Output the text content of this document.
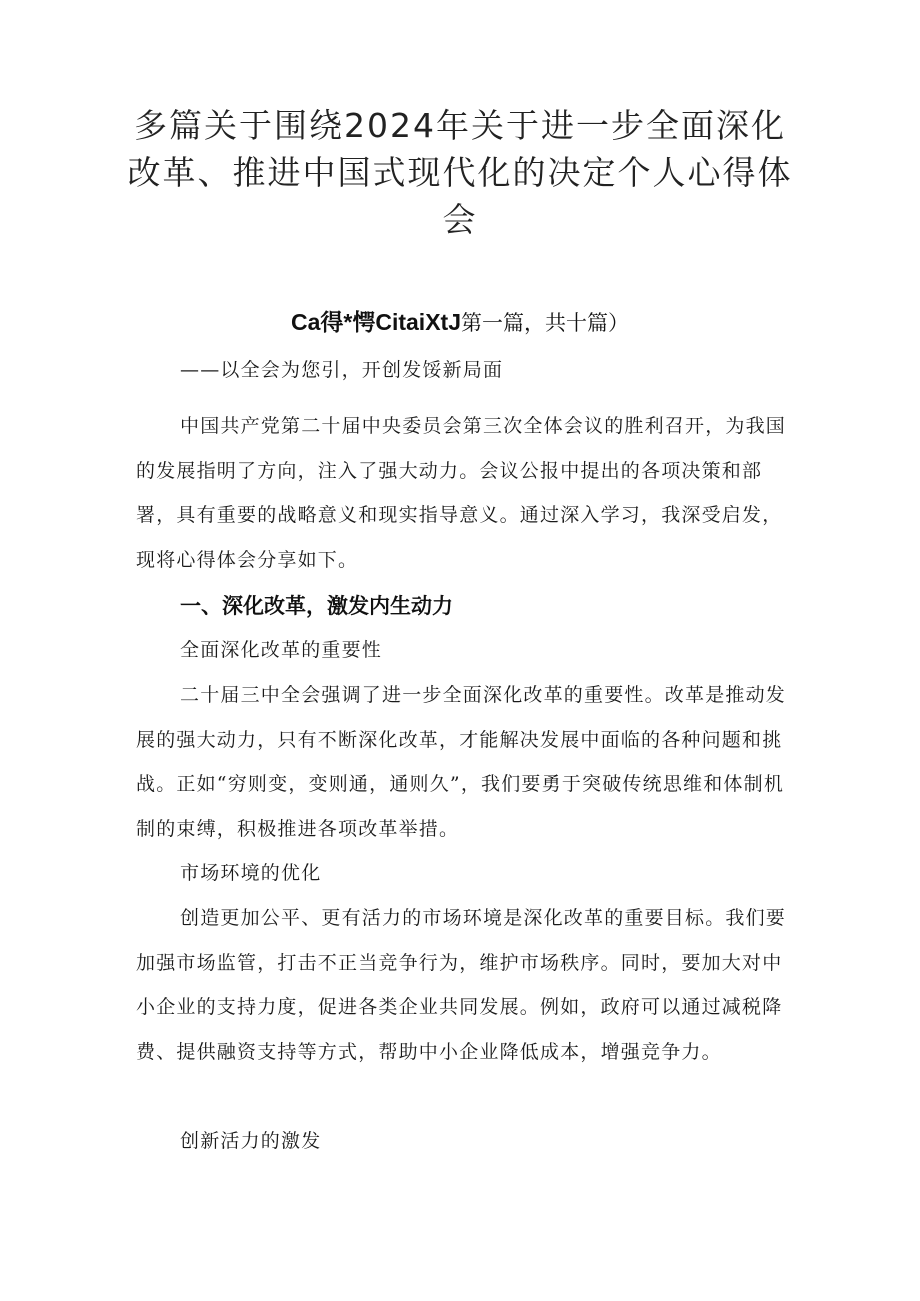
多篇关于围绕2024年关于进一步全面深化改革、推进中国式现代化的决定个人心得体会

Ca得*愕CitaiXtJ第一篇，共十篇）

——以全会为您引，开创发馁新局面

中国共产党第二十届中央委员会第三次全体会议的胜利召开，为我国的发展指明了方向，注入了强大动力。会议公报中提出的各项决策和部署，具有重要的战略意义和现实指导意义。通过深入学习，我深受启发，现将心得体会分享如下。

一、深化改革，激发内生动力

全面深化改革的重要性

二十届三中全会强调了进一步全面深化改革的重要性。改革是推动发展的强大动力，只有不断深化改革，才能解决发展中面临的各种问题和挑战。正如“穷则变，变则通，通则久”，我们要勇于突破传统思维和体制机制的束缚，积极推进各项改革举措。

市场环境的优化

创造更加公平、更有活力的市场环境是深化改革的重要目标。我们要加强市场监管，打击不正当竞争行为，维护市场秩序。同时，要加大对中小企业的支持力度，促进各类企业共同发展。例如，政府可以通过减税降费、提供融资支持等方式，帮助中小企业降低成本，增强竞争力。

创新活力的激发
